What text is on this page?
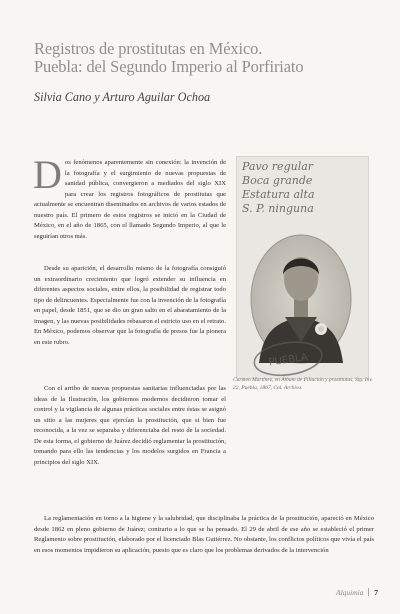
Registros de prostitutas en México.
Puebla: del Segundo Imperio al Porfiriato
Silvia Cano y Arturo Aguilar Ochoa
D os fenómenos aparentemente sin conexión: la invención de la fotografía y el surgimiento de nuevas propuestas de sanidad pública, convergieron a mediados del siglo XIX para crear los registros fotográficos de prostitutas que actualmente se encuentran diseminados en archivos de varios estados de nuestro país. El primero de estos registros se inició en la Ciudad de México, en el año de 1865, con el llamado Segundo Imperio, al que le seguirían otros más.

Desde su aparición, el desarrollo mismo de la fotografía consiguió un extraordinario crecimiento que logró extender su influencia en diferentes aspectos sociales, entre ellos, la posibilidad de registrar todo tipo de delincuentes. Especialmente fue con la invención de la fotografía en papel, desde 1851, que se dio un gran salto en el abaratamiento de la imagen, y las nuevas posibilidades rebasaron el estricto uso en el retrato. En México, podemos observar que la fotografía de presos fue la pionera en este rubro.

Con el arribo de nuevas propuestas sanitarias influenciadas por las ideas de la Ilustración, los gobiernos modernos decidieron tomar el control y la vigilancia de algunas prácticas sociales entre éstas se asignó un sitio a las mujeres que ejercían la prostitución, que si bien fue reconocida, a la vez se separaba y diferenciaba del resto de la sociedad. De esta forma, el gobierno de Juárez decidió reglamentar la prostitución, tomando para ello las tendencias y los modelos surgidos en Francia a principios del siglo XIX.

La reglamentación en torno a la higiene y la salubridad, que disciplinaba la práctica de la prostitución, apareció en México desde 1862 en pleno gobierno de Juárez; contrario a lo que se ha pensado. El 29 de abril de ese año se estableció el primer Reglamento sobre prostitución, elaborado por el licenciado Blas Gutiérrez. No obstante, los conflictos políticos que vivía el país en esos momentos impidieron su aplicación, puesto que es claro que los problemas derivados de la intervención

PUEBLA
Pavo regular
Boca grande
Estatura alta
S. P. ninguna
Carmen Martínez, en Álbum de Filiación y prostitutas, Sig. Inv. 22, Puebla, 1867, Col. Archivo.
Alquimia 7
